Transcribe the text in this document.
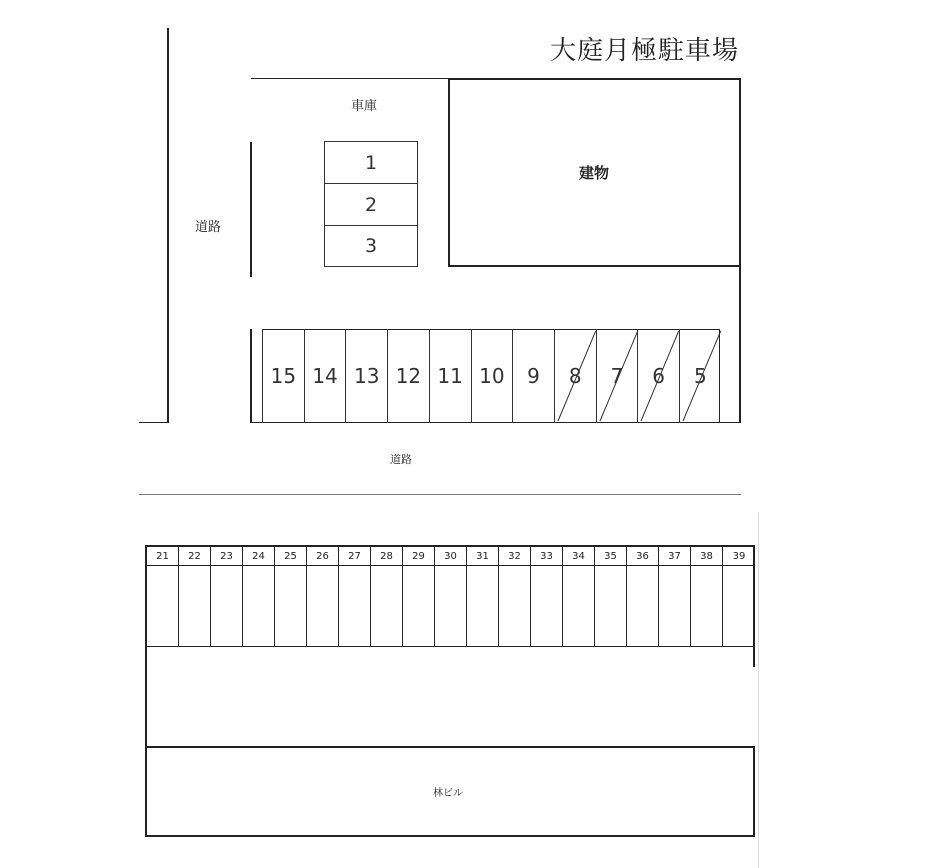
大庭月極駐車場
道路
車庫
建物
1
2
3
15 14 13 12 11 10 9 8 7 6 5
道路
21	22	23	24	25	26	27	28	29	30	31	32	33	34	35	36	37	38	39
林ビル
